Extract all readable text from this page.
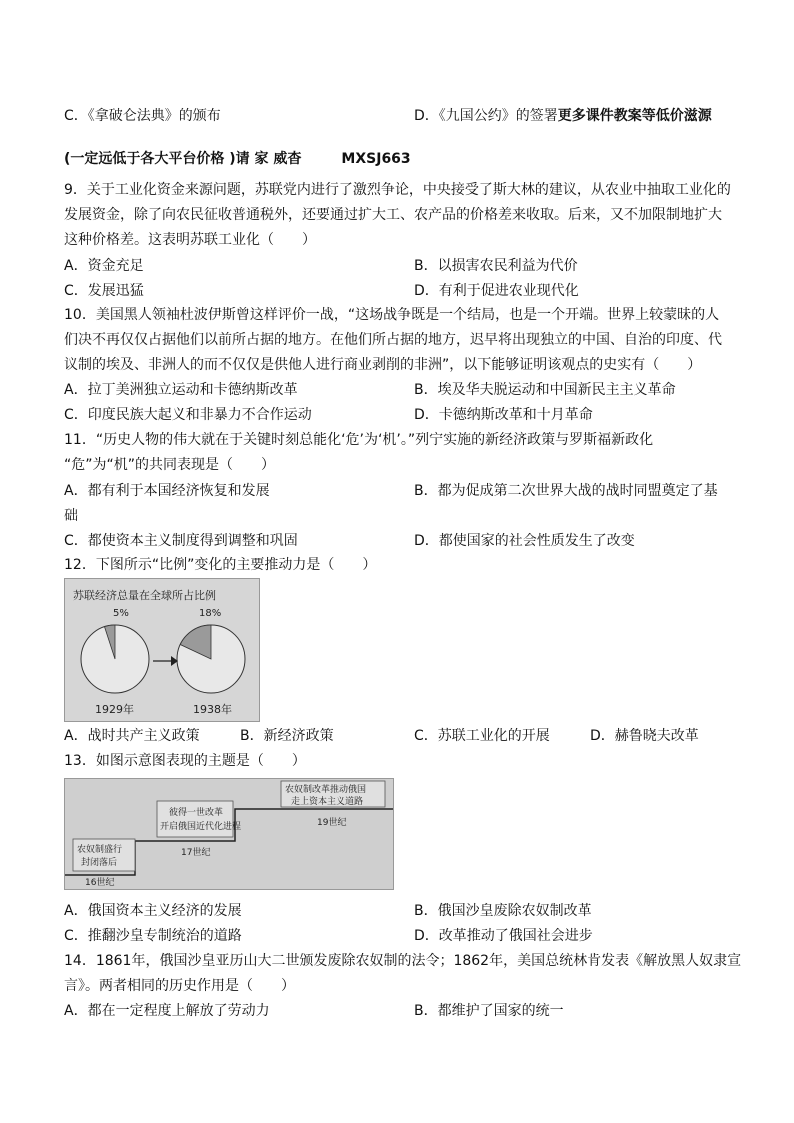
C．《拿破仑法典》的颁布	D．《九国公约》的签署更多课件教案等低价滋源
(一定远低于各大平台价格 )请 家 威杳	MXSJ663
9．关于工业化资金来源问题，苏联党内进行了激烈争论，中央接受了斯大林的建议，从农业中抽取工业化的
发展资金，除了向农民征收普通税外，还要通过扩大工、农产品的价格差来收取。后来，又不加限制地扩大
这种价格差。这表明苏联工业化（　　）
A．资金充足	B．以损害农民利益为代价
C．发展迅猛	D．有利于促进农业现代化
10．美国黑人领袖杜波伊斯曾这样评价一战，“这场战争既是一个结局，也是一个开端。世界上较蒙昧的人
们决不再仅仅占据他们以前所占据的地方。在他们所占据的地方，迟早将出现独立的中国、自治的印度、代
议制的埃及、非洲人的而不仅仅是供他人进行商业剥削的非洲”，以下能够证明该观点的史实有（　　）
A．拉丁美洲独立运动和卡德纳斯改革	B．埃及华夫脱运动和中国新民主主义革命
C．印度民族大起义和非暴力不合作运动	D．卡德纳斯改革和十月革命
11．“历史人物的伟大就在于关键时刻总能化‘危’为‘机’。”列宁实施的新经济政策与罗斯福新政化
“危”为“机”的共同表现是（　　）
A．都有利于本国经济恢复和发展	B．都为促成第二次世界大战的战时同盟奠定了基
础
C．都使资本主义制度得到调整和巩固	D．都使国家的社会性质发生了改变
12．下图所示“比例”变化的主要推动力是（　　）
苏联经济总量在全球所占比例
5%	18%
1929年	1938年
A．战时共产主义政策	B．新经济政策	C．苏联工业化的开展	D．赫鲁晓夫改革
13．如图示意图表现的主题是（　　）
农奴制盛行
封闭落后
16世纪
彼得一世改革
开启俄国近代化进程
17世纪
农奴制改革推动俄国
走上资本主义道路
19世纪
A．俄国资本主义经济的发展	B．俄国沙皇废除农奴制改革
C．推翻沙皇专制统治的道路	D．改革推动了俄国社会进步
14．1861年，俄国沙皇亚历山大二世颁发废除农奴制的法令；1862年，美国总统林肯发表《解放黑人奴隶宣
言》。两者相同的历史作用是（　　）
A．都在一定程度上解放了劳动力	B．都维护了国家的统一
